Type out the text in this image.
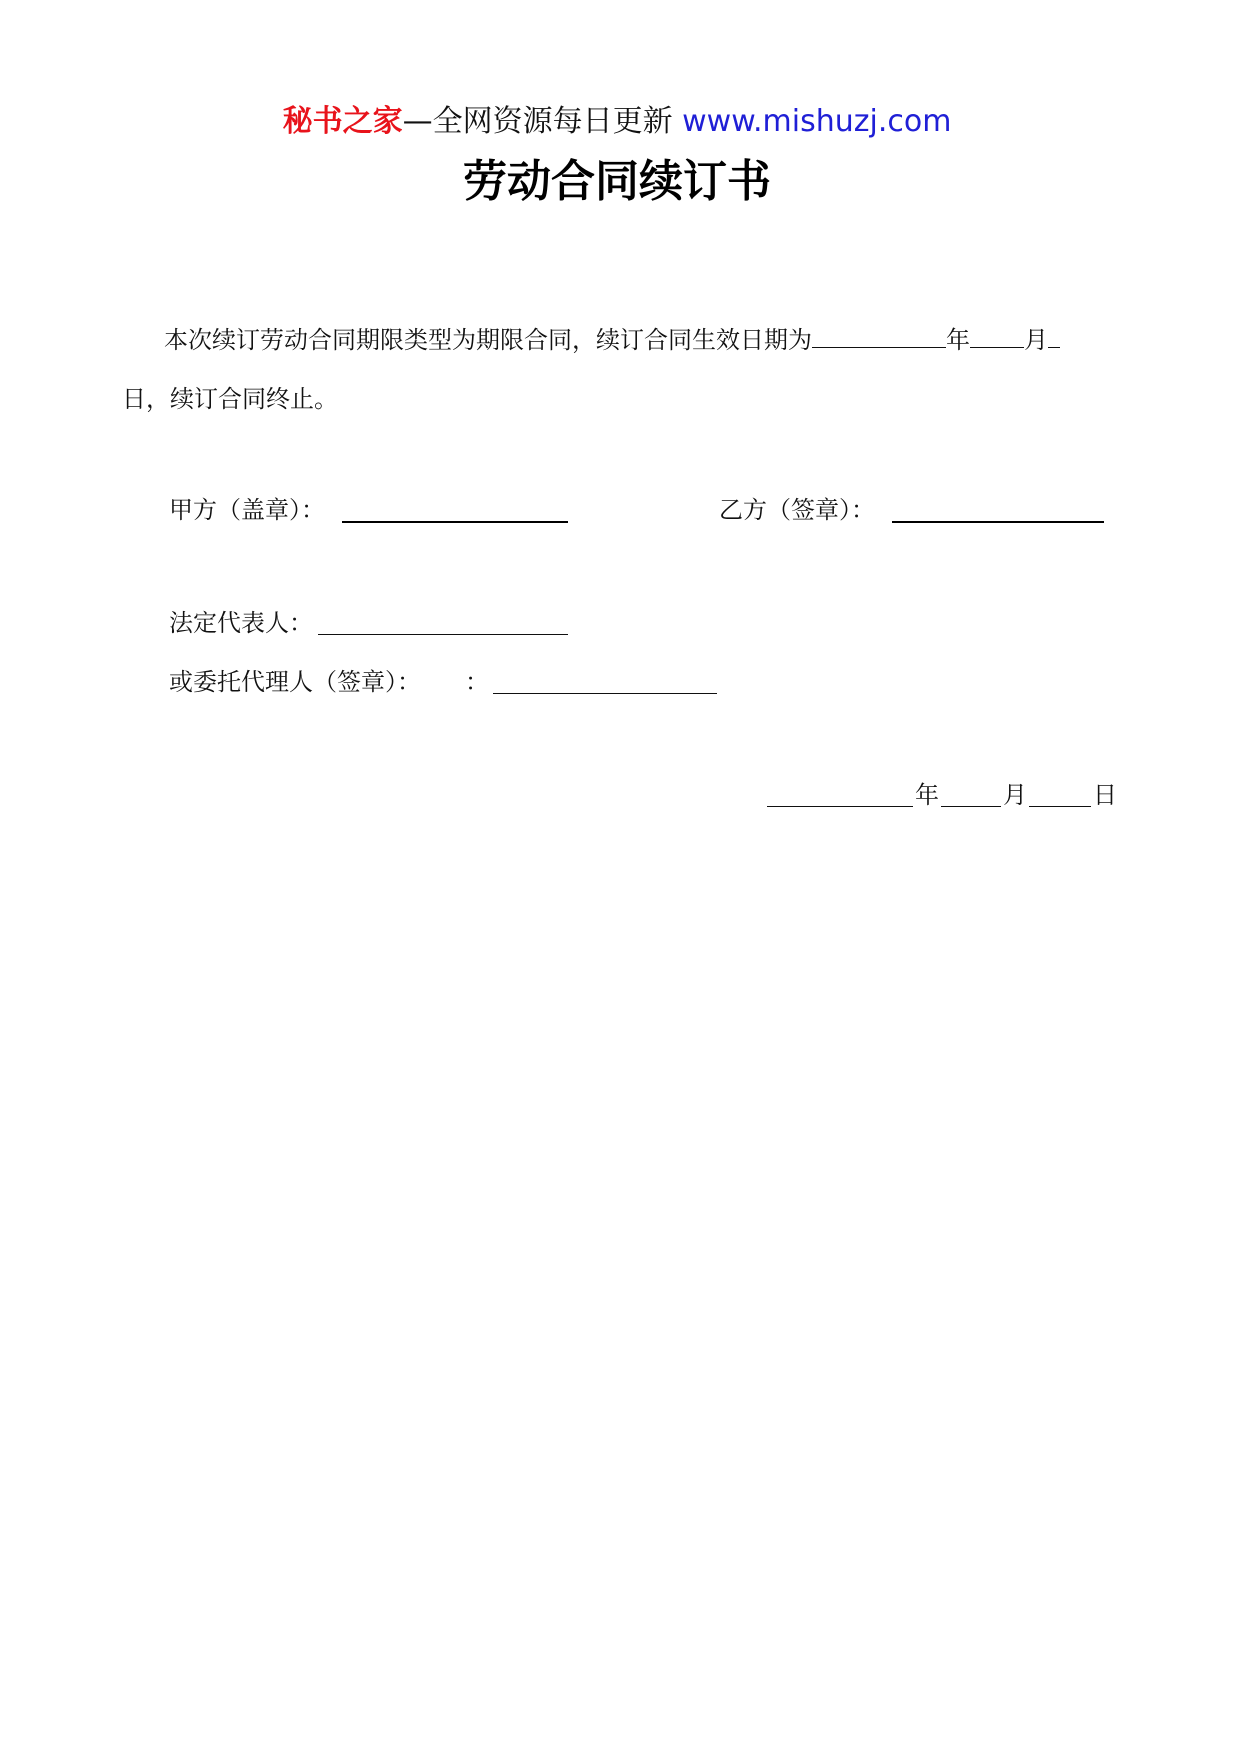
秘书之家—全网资源每日更新 www.mishuzj.com
劳动合同续订书
本次续订劳动合同期限类型为期限合同，续订合同生效日期为	年 月
日，续订合同终止。
甲方（盖章）：	乙方（签章）：
法定代表人：
或委托代理人（签章）： ：
年	月	日
